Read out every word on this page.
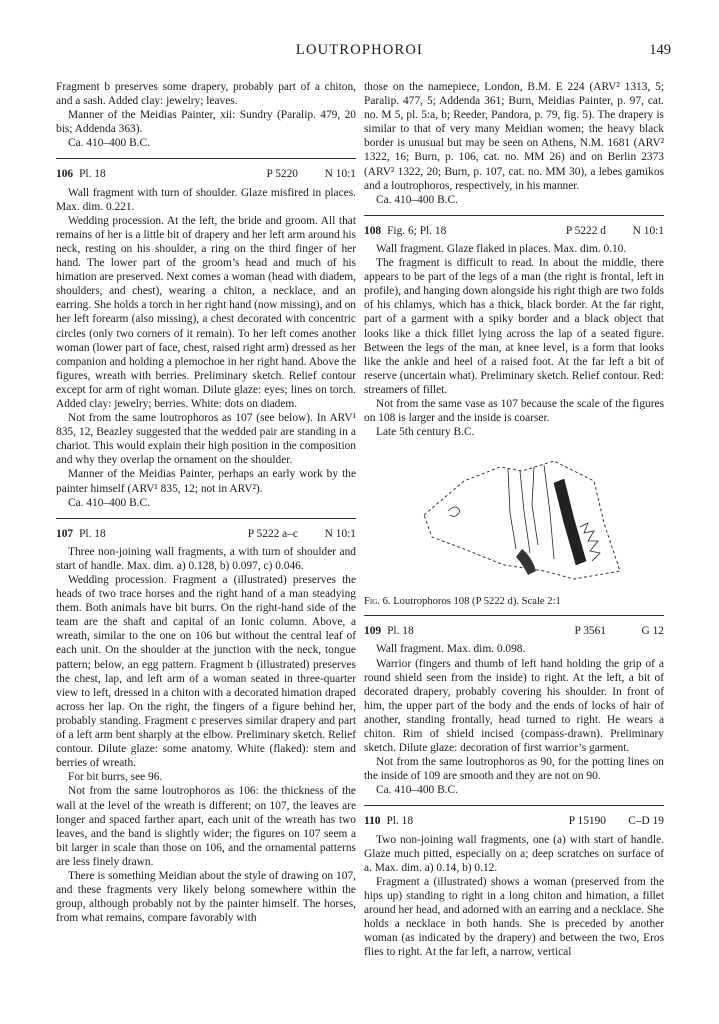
LOUTROPHOROI	149

Fragment b preserves some drapery, probably part of a chiton, and a sash. Added clay: jewelry; leaves.

Manner of the Meidias Painter, xii: Sundry (Paralip. 479, 20 bis; Addenda 363).

Ca. 410–400 B.C.

106 Pl. 18	P 5220	N 10:1

Wall fragment with turn of shoulder. Glaze misfired in places. Max. dim. 0.221.

Wedding procession. At the left, the bride and groom. All that remains of her is a little bit of drapery and her left arm around his neck, resting on his shoulder, a ring on the third finger of her hand. The lower part of the groom’s head and much of his himation are preserved. Next comes a woman (head with diadem, shoulders, and chest), wearing a chiton, a necklace, and an earring. She holds a torch in her right hand (now missing), and on her left forearm (also missing), a chest decorated with concentric circles (only two corners of it remain). To her left comes another woman (lower part of face, chest, raised right arm) dressed as her companion and holding a plemochoe in her right hand. Above the figures, wreath with berries. Preliminary sketch. Relief contour except for arm of right woman. Dilute glaze: eyes; lines on torch. Added clay: jewelry; berries. White: dots on diadem.

Not from the same loutrophoros as 107 (see below). In ARV¹ 835, 12, Beazley suggested that the wedded pair are standing in a chariot. This would explain their high position in the composition and why they overlap the ornament on the shoulder.

Manner of the Meidias Painter, perhaps an early work by the painter himself (ARV¹ 835, 12; not in ARV²).

Ca. 410–400 B.C.

107 Pl. 18	P 5222 a–c	N 10:1

Three non-joining wall fragments, a with turn of shoulder and start of handle. Max. dim. a) 0.128, b) 0.097, c) 0.046.

Wedding procession. Fragment a (illustrated) preserves the heads of two trace horses and the right hand of a man steadying them. Both animals have bit burrs. On the right-hand side of the team are the shaft and capital of an Ionic column. Above, a wreath, similar to the one on 106 but without the central leaf of each unit. On the shoulder at the junction with the neck, tongue pattern; below, an egg pattern. Fragment b (illustrated) preserves the chest, lap, and left arm of a woman seated in three-quarter view to left, dressed in a chiton with a decorated himation draped across her lap. On the right, the fingers of a figure behind her, probably standing. Fragment c preserves similar drapery and part of a left arm bent sharply at the elbow. Preliminary sketch. Relief contour. Dilute glaze: some anatomy. White (flaked): stem and berries of wreath.

For bit burrs, see 96.

Not from the same loutrophoros as 106: the thickness of the wall at the level of the wreath is different; on 107, the leaves are longer and spaced farther apart, each unit of the wreath has two leaves, and the band is slightly wider; the figures on 107 seem a bit larger in scale than those on 106, and the ornamental patterns are less finely drawn.

There is something Meidian about the style of drawing on 107, and these fragments very likely belong somewhere within the group, although probably not by the painter himself. The horses, from what remains, compare favorably with

those on the namepiece, London, B.M. E 224 (ARV² 1313, 5; Paralip. 477, 5; Addenda 361; Burn, Meidias Painter, p. 97, cat. no. M 5, pl. 5:a, b; Reeder, Pandora, p. 79, fig. 5). The drapery is similar to that of very many Meidian women; the heavy black border is unusual but may be seen on Athens, N.M. 1681 (ARV² 1322, 16; Burn, p. 106, cat. no. MM 26) and on Berlin 2373 (ARV² 1322, 20; Burn, p. 107, cat. no. MM 30), a lebes gamikos and a loutrophoros, respectively, in his manner.

Ca. 410–400 B.C.

108 Fig. 6; Pl. 18	P 5222 d	N 10:1

Wall fragment. Glaze flaked in places. Max. dim. 0.10.

The fragment is difficult to read. In about the middle, there appears to be part of the legs of a man (the right is frontal, left in profile), and hanging down alongside his right thigh are two folds of his chlamys, which has a thick, black border. At the far right, part of a garment with a spiky border and a black object that looks like a thick fillet lying across the lap of a seated figure. Between the legs of the man, at knee level, is a form that looks like the ankle and heel of a raised foot. At the far left a bit of reserve (uncertain what). Preliminary sketch. Relief contour. Red: streamers of fillet.

Not from the same vase as 107 because the scale of the figures on 108 is larger and the inside is coarser.

Late 5th century B.C.

Fig. 6. Loutrophoros 108 (P 5222 d). Scale 2:1

109 Pl. 18	P 3561	G 12

Wall fragment. Max. dim. 0.098.

Warrior (fingers and thumb of left hand holding the grip of a round shield seen from the inside) to right. At the left, a bit of decorated drapery, probably covering his shoulder. In front of him, the upper part of the body and the ends of locks of hair of another, standing frontally, head turned to right. He wears a chiton. Rim of shield incised (compass-drawn). Preliminary sketch. Dilute glaze: decoration of first warrior’s garment.

Not from the same loutrophoros as 90, for the potting lines on the inside of 109 are smooth and they are not on 90.

Ca. 410–400 B.C.

110 Pl. 18	P 15190	C–D 19

Two non-joining wall fragments, one (a) with start of handle. Glaze much pitted, especially on a; deep scratches on surface of a. Max. dim. a) 0.14, b) 0.12.

Fragment a (illustrated) shows a woman (preserved from the hips up) standing to right in a long chiton and himation, a fillet around her head, and adorned with an earring and a necklace. She holds a necklace in both hands. She is preceded by another woman (as indicated by the drapery) and between the two, Eros flies to right. At the far left, a narrow, vertical
